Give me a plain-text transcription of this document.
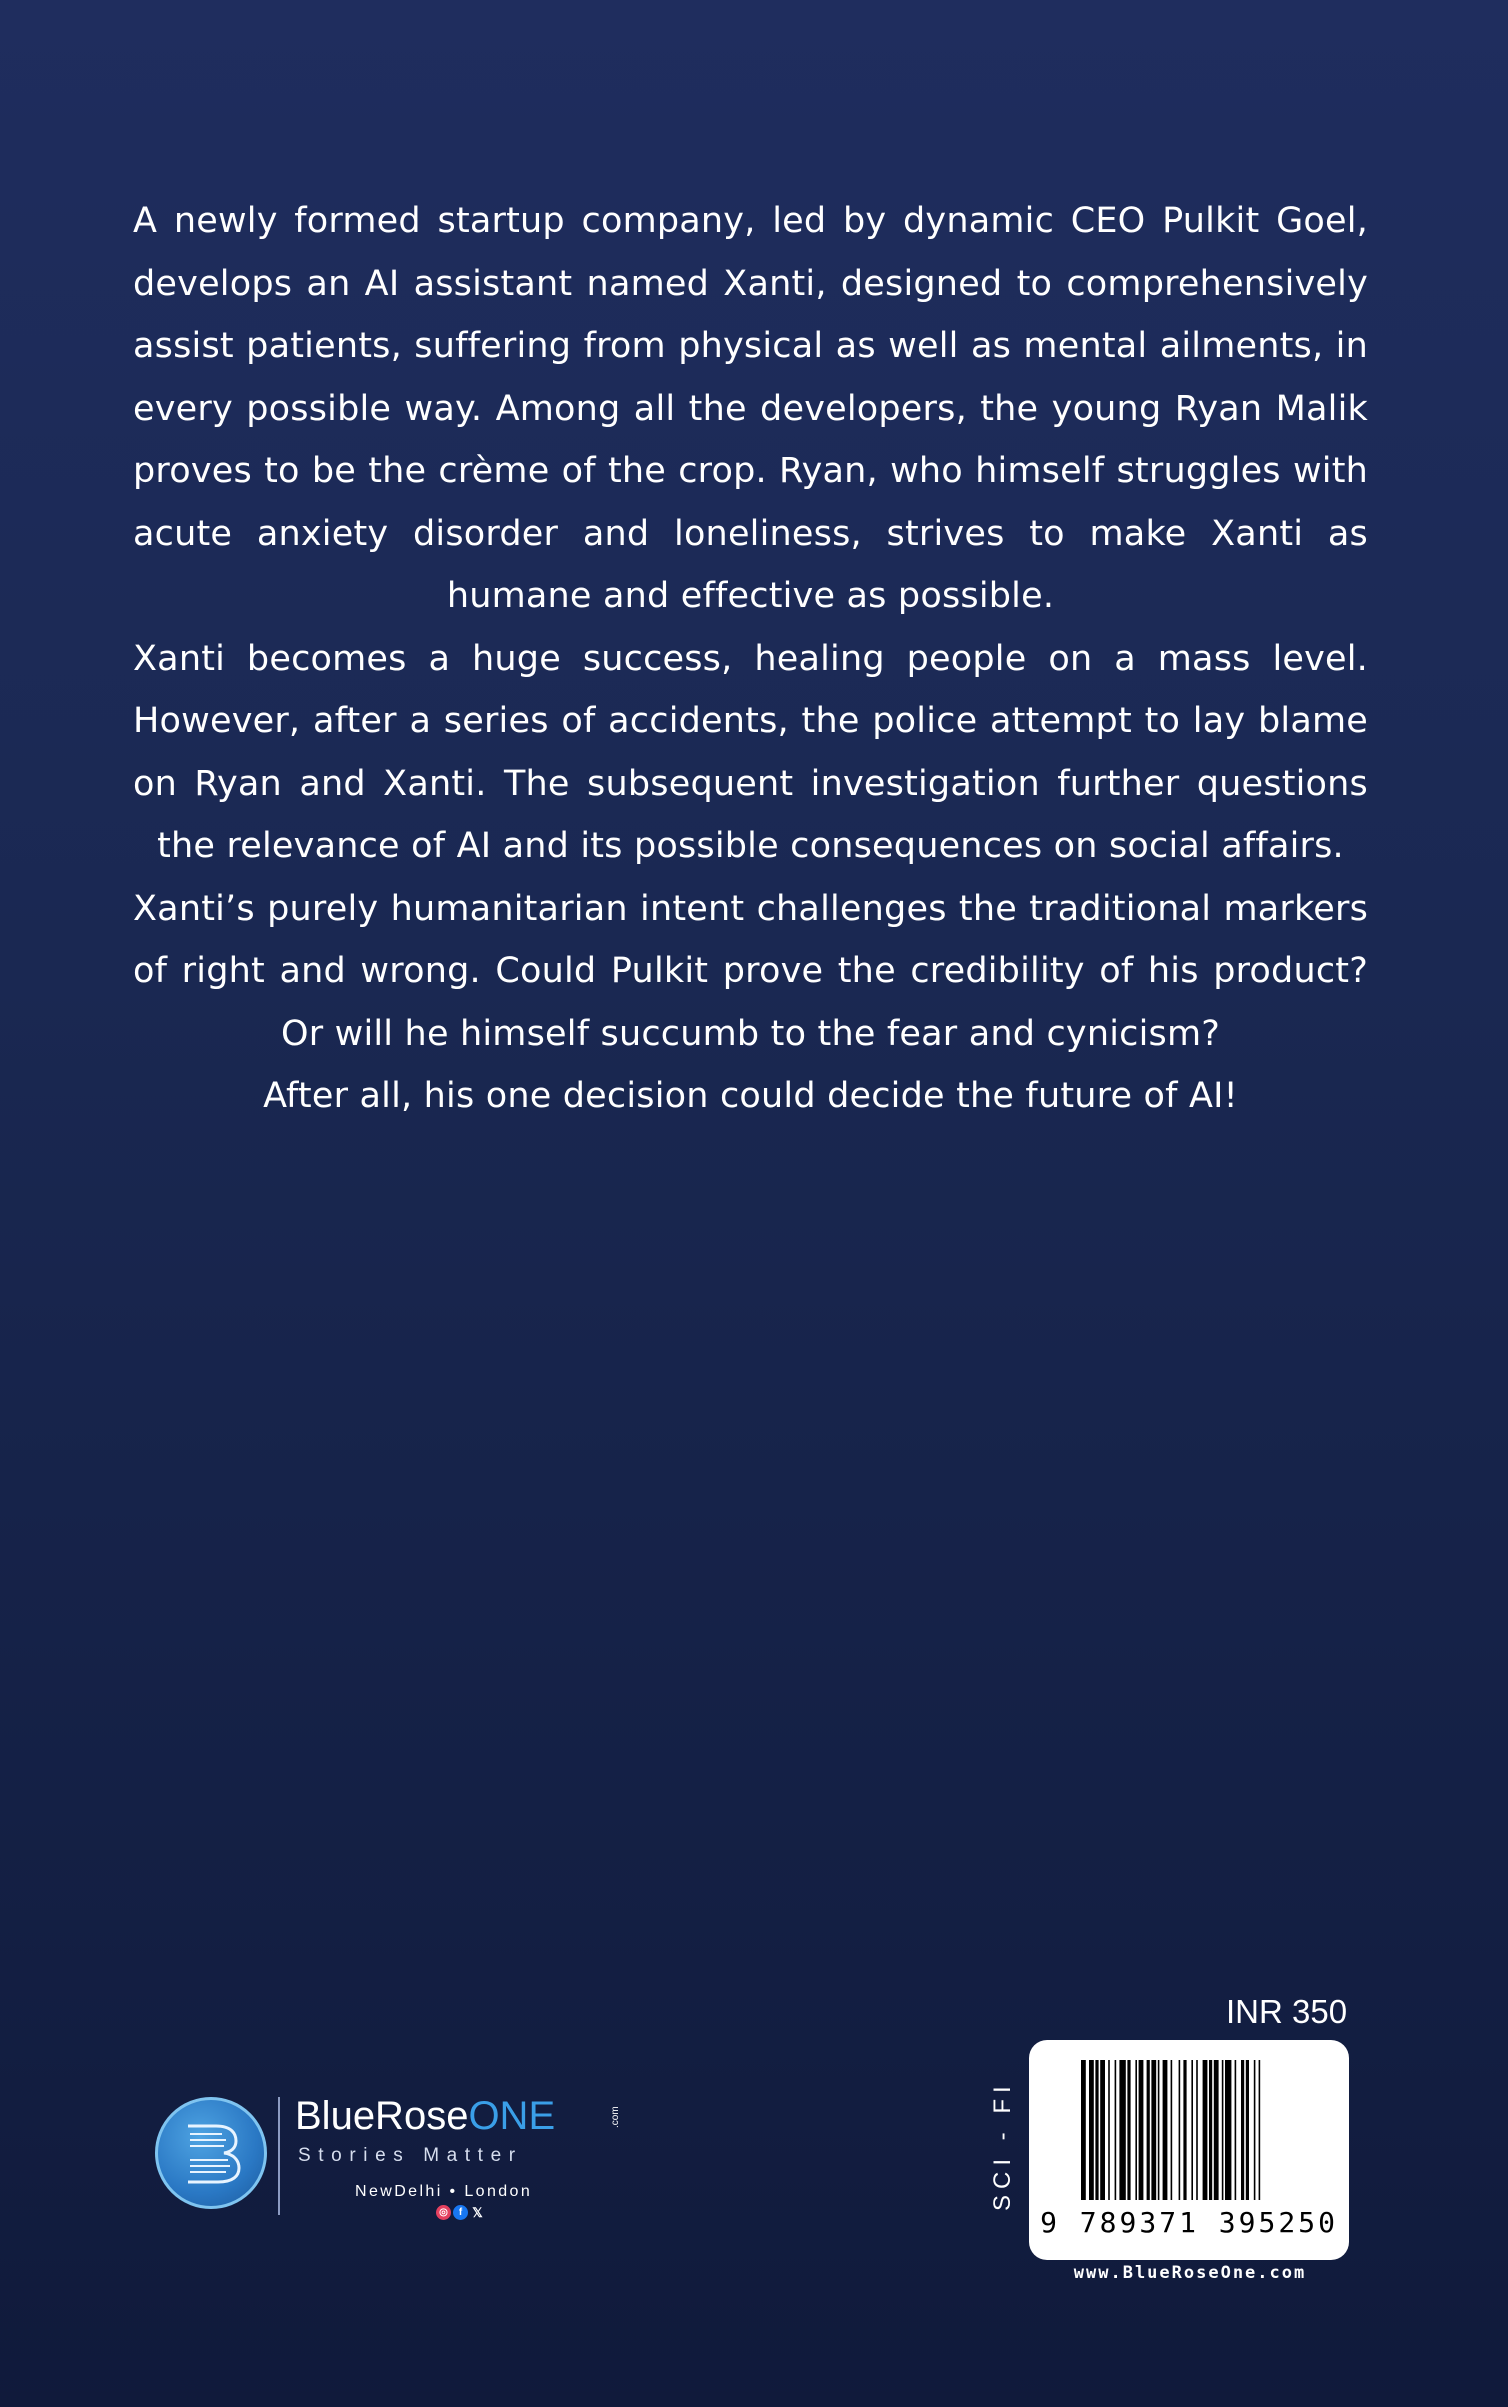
A newly formed startup company, led by dynamic CEO Pulkit Goel, develops an AI assistant named Xanti, designed to comprehensively assist patients, suffering from physical as well as mental ailments, in every possible way. Among all the developers, the young Ryan Malik proves to be the crème of the crop. Ryan, who himself struggles with acute anxiety disorder and loneliness, strives to make Xanti as humane and effective as possible.

Xanti becomes a huge success, healing people on a mass level. However, after a series of accidents, the police attempt to lay blame on Ryan and Xanti. The subsequent investigation further questions the relevance of AI and its possible consequences on social affairs.

Xanti’s purely humanitarian intent challenges the traditional markers of right and wrong. Could Pulkit prove the credibility of his product? Or will he himself succumb to the fear and cynicism?

After all, his one decision could decide the future of AI!

BlueRoseONE	.com
Stories Matter
NewDelhi • London
◎	f 𝕏
INR 350
SCI - FI
9 789371 395250
www.BlueRoseOne.com
